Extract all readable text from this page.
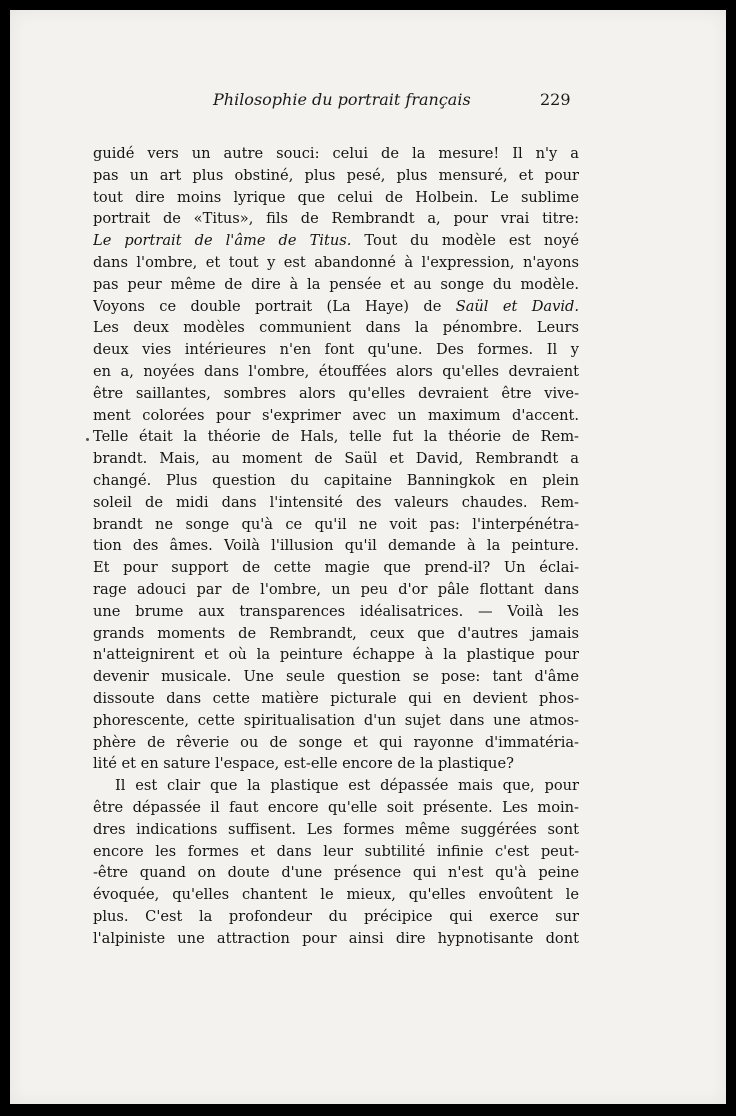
Philosophie du portrait français	229
guidé vers un autre souci: celui de la mesure! Il n'y a
pas un art plus obstiné, plus pesé, plus mensuré, et pour
tout dire moins lyrique que celui de Holbein. Le sublime
portrait de «Titus», fils de Rembrandt a, pour vrai titre:
Le portrait de l'âme de Titus. Tout du modèle est noyé
dans l'ombre, et tout y est abandonné à l'expression, n'ayons
pas peur même de dire à la pensée et au songe du modèle.
Voyons ce double portrait (La Haye) de Saül et David.
Les deux modèles communient dans la pénombre. Leurs
deux vies intérieures n'en font qu'une. Des formes. Il y
en a, noyées dans l'ombre, étouffées alors qu'elles devraient
être saillantes, sombres alors qu'elles devraient être vive-
ment colorées pour s'exprimer avec un maximum d'accent.
Telle était la théorie de Hals, telle fut la théorie de Rem-
brandt. Mais, au moment de Saül et David, Rembrandt a
changé. Plus question du capitaine Banningkok en plein
soleil de midi dans l'intensité des valeurs chaudes. Rem-
brandt ne songe qu'à ce qu'il ne voit pas: l'interpénétra-
tion des âmes. Voilà l'illusion qu'il demande à la peinture.
Et pour support de cette magie que prend-il? Un éclai-
rage adouci par de l'ombre, un peu d'or pâle flottant dans
une brume aux transparences idéalisatrices. — Voilà les
grands moments de Rembrandt, ceux que d'autres jamais
n'atteignirent et où la peinture échappe à la plastique pour
devenir musicale. Une seule question se pose: tant d'âme
dissoute dans cette matière picturale qui en devient phos-
phorescente, cette spiritualisation d'un sujet dans une atmos-
phère de rêverie ou de songe et qui rayonne d'immatéria-
lité et en sature l'espace, est-elle encore de la plastique?
Il est clair que la plastique est dépassée mais que, pour
être dépassée il faut encore qu'elle soit présente. Les moin-
dres indications suffisent. Les formes même suggérées sont
encore les formes et dans leur subtilité infinie c'est peut-
-être quand on doute d'une présence qui n'est qu'à peine
évoquée, qu'elles chantent le mieux, qu'elles envoûtent le
plus. C'est la profondeur du précipice qui exerce sur
l'alpiniste une attraction pour ainsi dire hypnotisante dont
